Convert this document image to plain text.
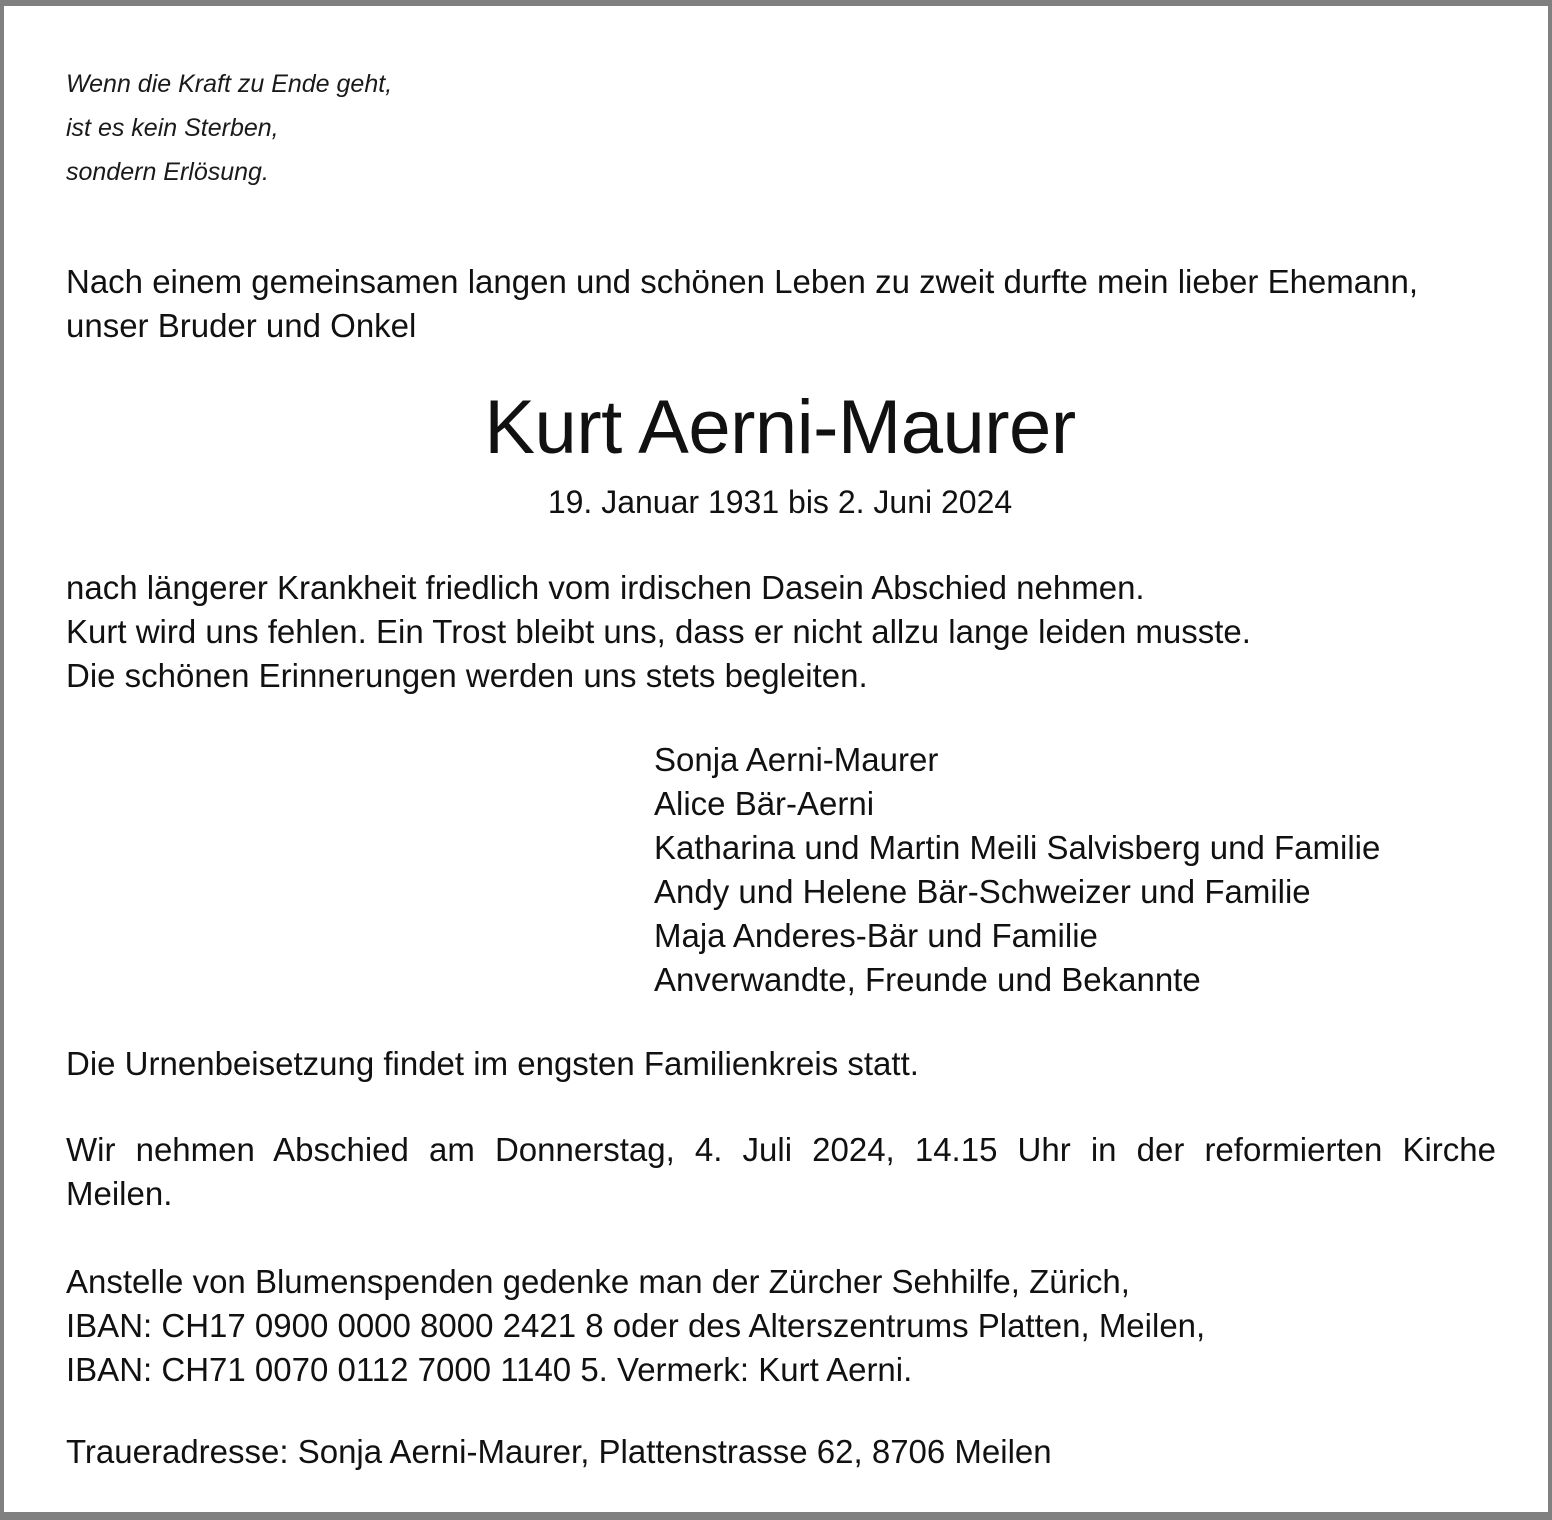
Wenn die Kraft zu Ende geht,
ist es kein Sterben,
sondern Erlösung.
Nach einem gemeinsamen langen und schönen Leben zu zweit durfte mein lieber Ehemann,
unser Bruder und Onkel
Kurt Aerni-Maurer
19. Januar 1931 bis 2. Juni 2024
nach längerer Krankheit friedlich vom irdischen Dasein Abschied nehmen.
Kurt wird uns fehlen. Ein Trost bleibt uns, dass er nicht allzu lange leiden musste.
Die schönen Erinnerungen werden uns stets begleiten.
Sonja Aerni-Maurer
Alice Bär-Aerni
Katharina und Martin Meili Salvisberg und Familie
Andy und Helene Bär-Schweizer und Familie
Maja Anderes-Bär und Familie
Anverwandte, Freunde und Bekannte
Die Urnenbeisetzung findet im engsten Familienkreis statt.
Wir nehmen Abschied am Donnerstag, 4. Juli 2024, 14.15 Uhr in der reformierten Kirche
Meilen.
Anstelle von Blumenspenden gedenke man der Zürcher Sehhilfe, Zürich,
IBAN: CH17 0900 0000 8000 2421 8 oder des Alterszentrums Platten, Meilen,
IBAN: CH71 0070 0112 7000 1140 5. Vermerk: Kurt Aerni.
Traueradresse: Sonja Aerni-Maurer, Plattenstrasse 62, 8706 Meilen
